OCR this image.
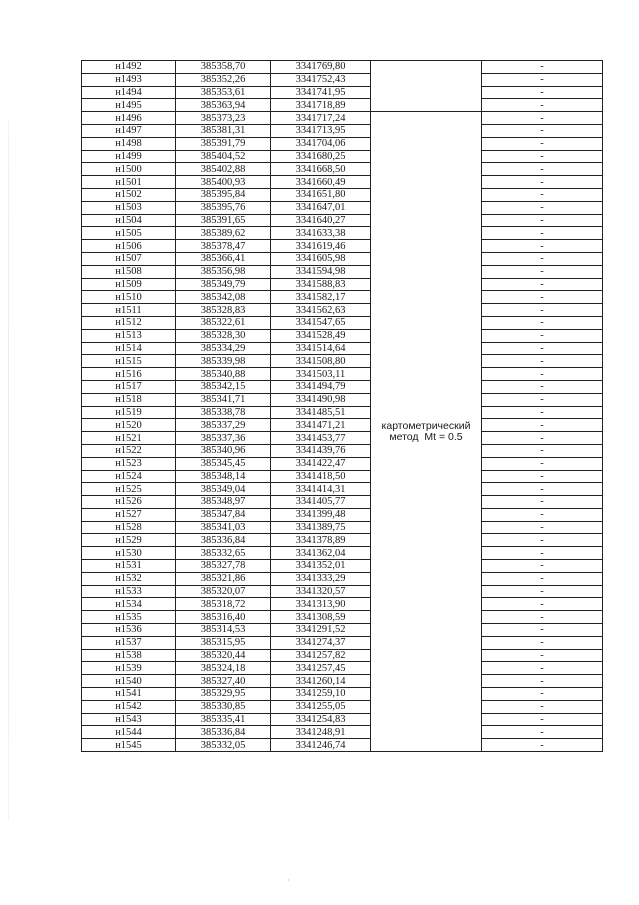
н1492	385358,70	3341769,80		-
н1493	385352,26	3341752,43		-
н1494	385353,61	3341741,95		-
н1495	385363,94	3341718,89		-
н1496	385373,23	3341717,24	картометрический
метод  Mt = 0.5	-
н1497	385381,31	3341713,95		-
н1498	385391,79	3341704,06		-
н1499	385404,52	3341680,25		-
н1500	385402,88	3341668,50		-
н1501	385400,93	3341660,49		-
н1502	385395,84	3341651,80		-
н1503	385395,76	3341647,01		-
н1504	385391,65	3341640,27		-
н1505	385389,62	3341633,38		-
н1506	385378,47	3341619,46		-
н1507	385366,41	3341605,98		-
н1508	385356,98	3341594,98		-
н1509	385349,79	3341588,83		-
н1510	385342,08	3341582,17		-
н1511	385328,83	3341562,63		-
н1512	385322,61	3341547,65		-
н1513	385328,30	3341528,49		-
н1514	385334,29	3341514,64		-
н1515	385339,98	3341508,80		-
н1516	385340,88	3341503,11		-
н1517	385342,15	3341494,79		-
н1518	385341,71	3341490,98		-
н1519	385338,78	3341485,51		-
н1520	385337,29	3341471,21		-
н1521	385337,36	3341453,77		-
н1522	385340,96	3341439,76		-
н1523	385345,45	3341422,47		-
н1524	385348,14	3341418,50		-
н1525	385349,04	3341414,31		-
н1526	385348,97	3341405,77		-
н1527	385347,84	3341399,48		-
н1528	385341,03	3341389,75		-
н1529	385336,84	3341378,89		-
н1530	385332,65	3341362,04		-
н1531	385327,78	3341352,01		-
н1532	385321,86	3341333,29		-
н1533	385320,07	3341320,57		-
н1534	385318,72	3341313,90		-
н1535	385316,40	3341308,59		-
н1536	385314,53	3341291,52		-
н1537	385315,95	3341274,37		-
н1538	385320,44	3341257,82		-
н1539	385324,18	3341257,45		-
н1540	385327,40	3341260,14		-
н1541	385329,95	3341259,10		-
н1542	385330,85	3341255,05		-
н1543	385335,41	3341254,83		-
н1544	385336,84	3341248,91		-
н1545	385332,05	3341246,74		-
·
